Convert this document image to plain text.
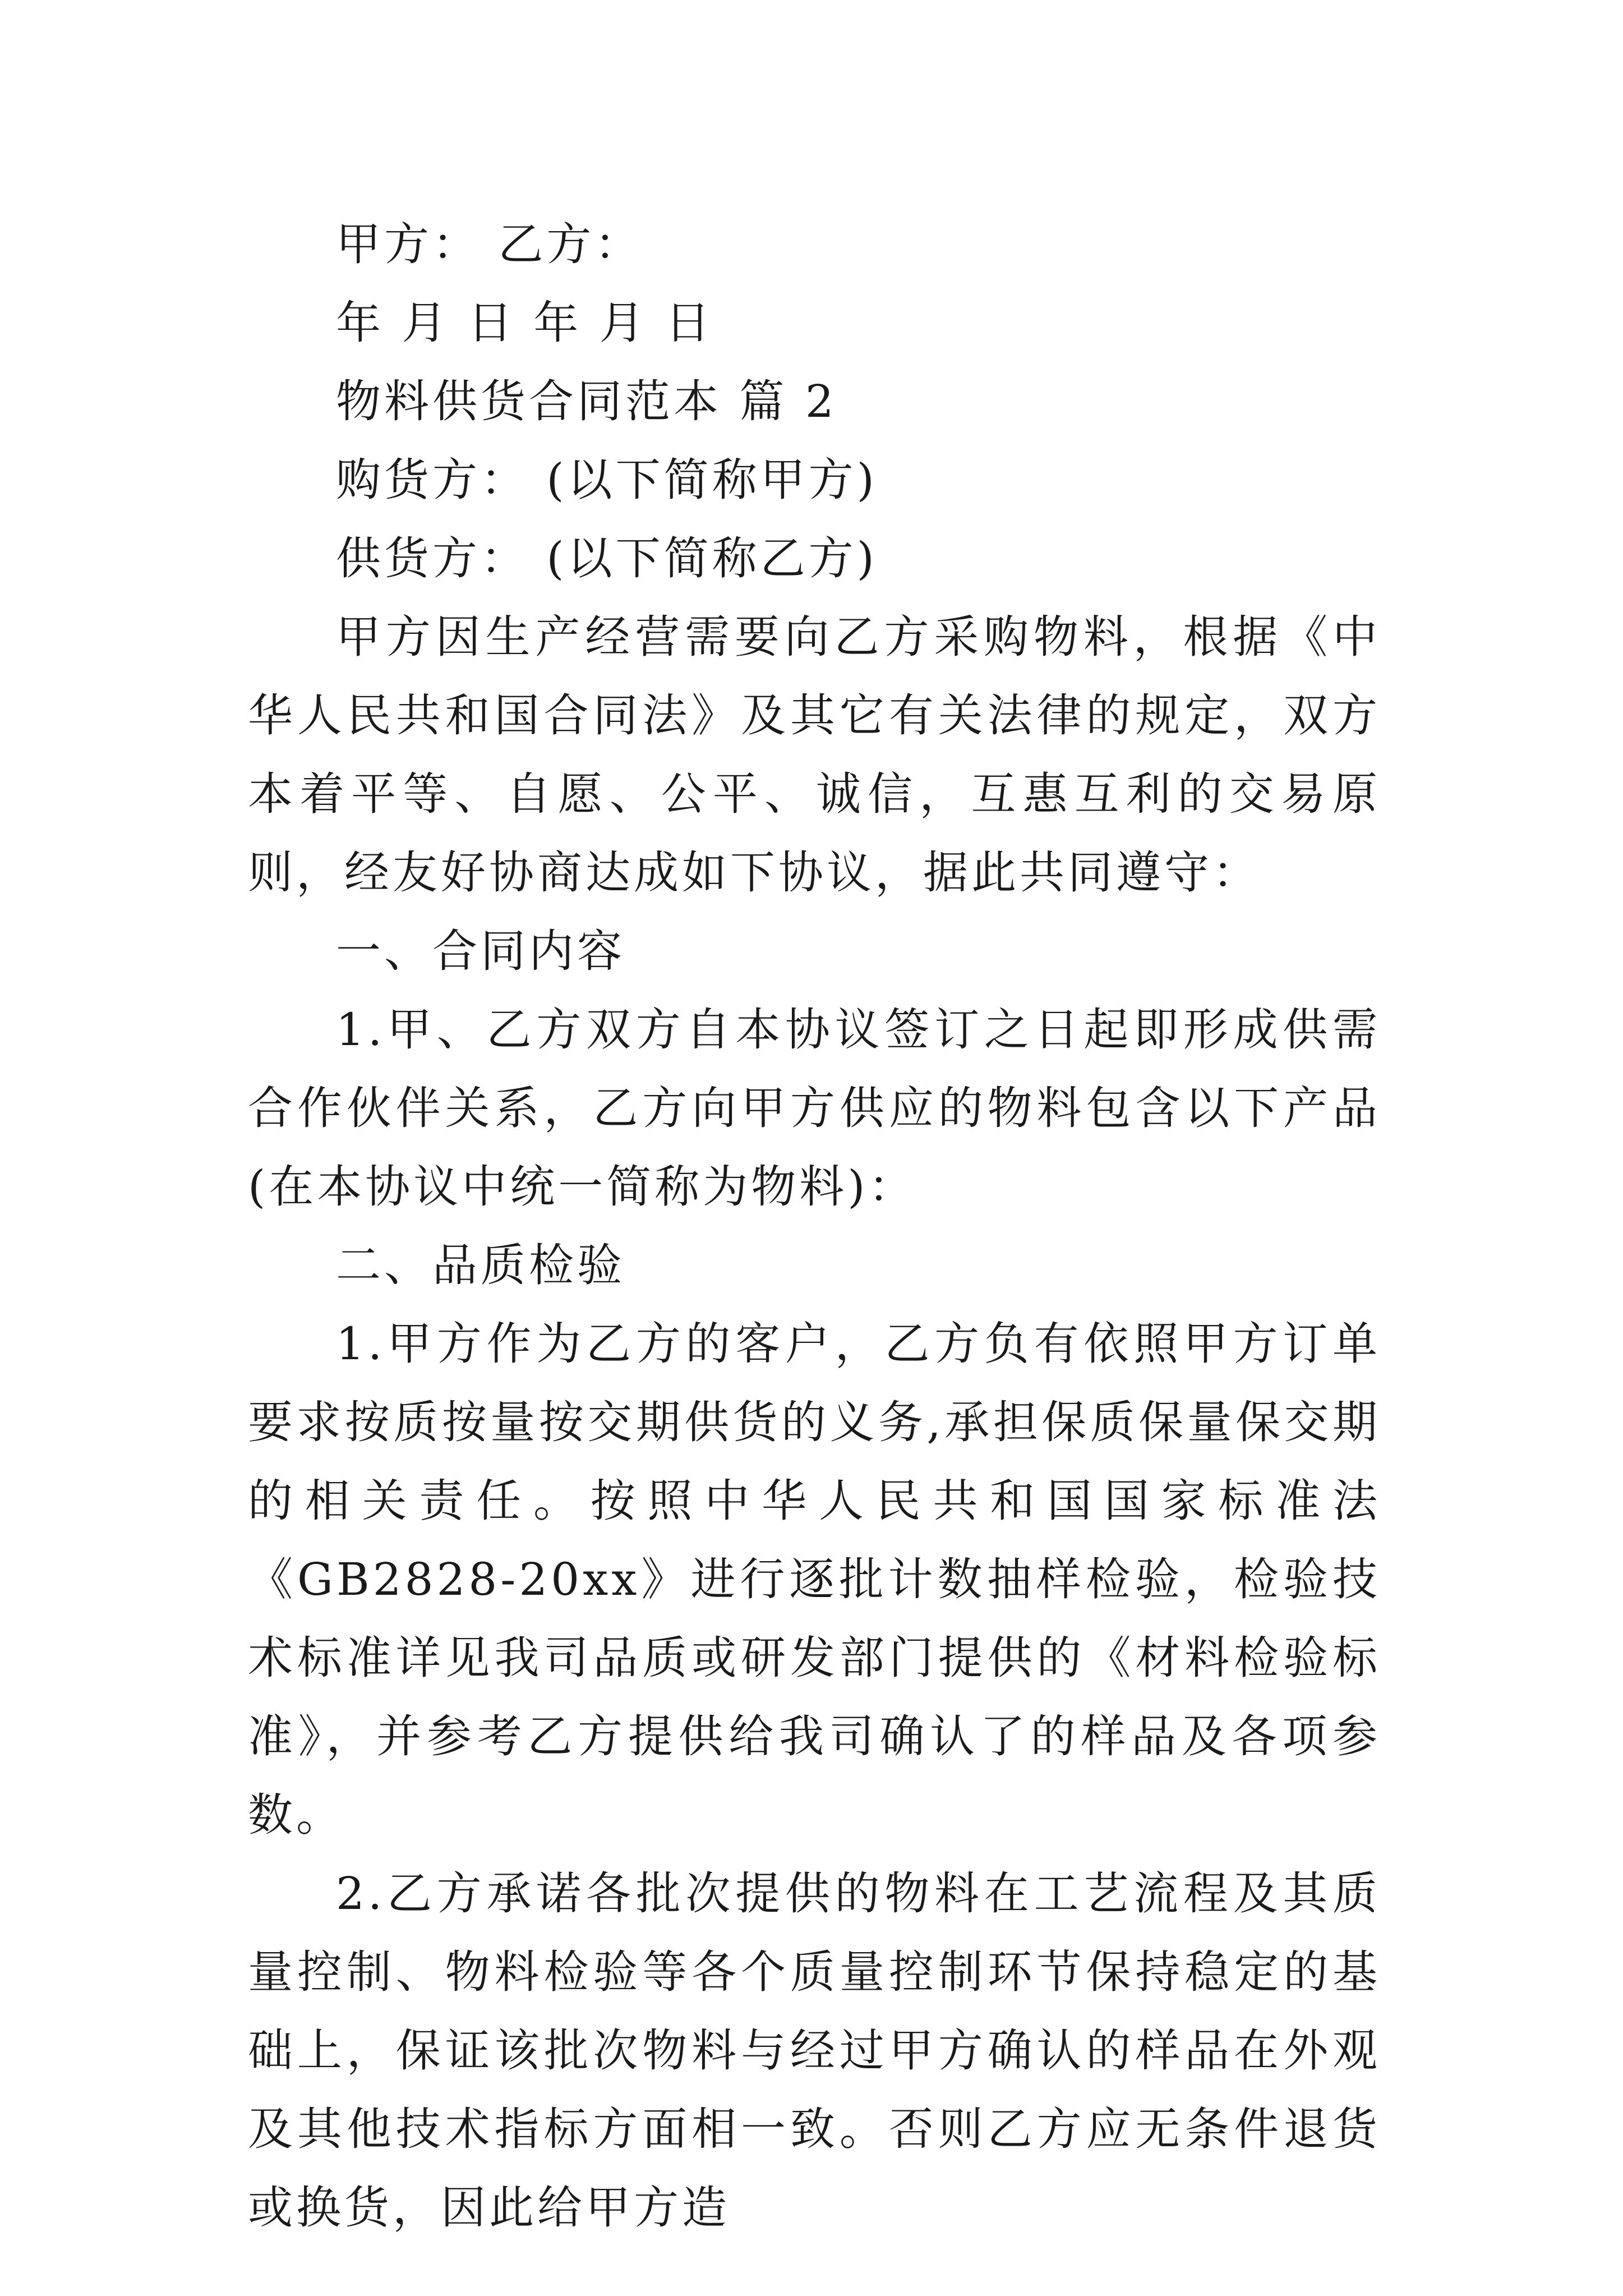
甲方： 乙方：
年 月 日 年 月 日
物料供货合同范本 篇 2
购货方： (以下简称甲方)
供货方： (以下简称乙方)

甲方因生产经营需要向乙方采购物料，根据《中华人民共和国合同法》及其它有关法律的规定，双方本着平等、自愿、公平、诚信，互惠互利的交易原则，经友好协商达成如下协议，据此共同遵守：

一、合同内容

1.甲、乙方双方自本协议签订之日起即形成供需合作伙伴关系，乙方向甲方供应的物料包含以下产品(在本协议中统一简称为物料)：

二、品质检验

1.甲方作为乙方的客户，乙方负有依照甲方订单要求按质按量按交期供货的义务,承担保质保量保交期的相关责任。按照中华人民共和国国家标准法《GB2828-20xx》进行逐批计数抽样检验，检验技术标准详见我司品质或研发部门提供的《材料检验标准》，并参考乙方提供给我司确认了的样品及各项参数。

2.乙方承诺各批次提供的物料在工艺流程及其质量控制、物料检验等各个质量控制环节保持稳定的基础上，保证该批次物料与经过甲方确认的样品在外观及其他技术指标方面相一致。否则乙方应无条件退货或换货，因此给甲方造
